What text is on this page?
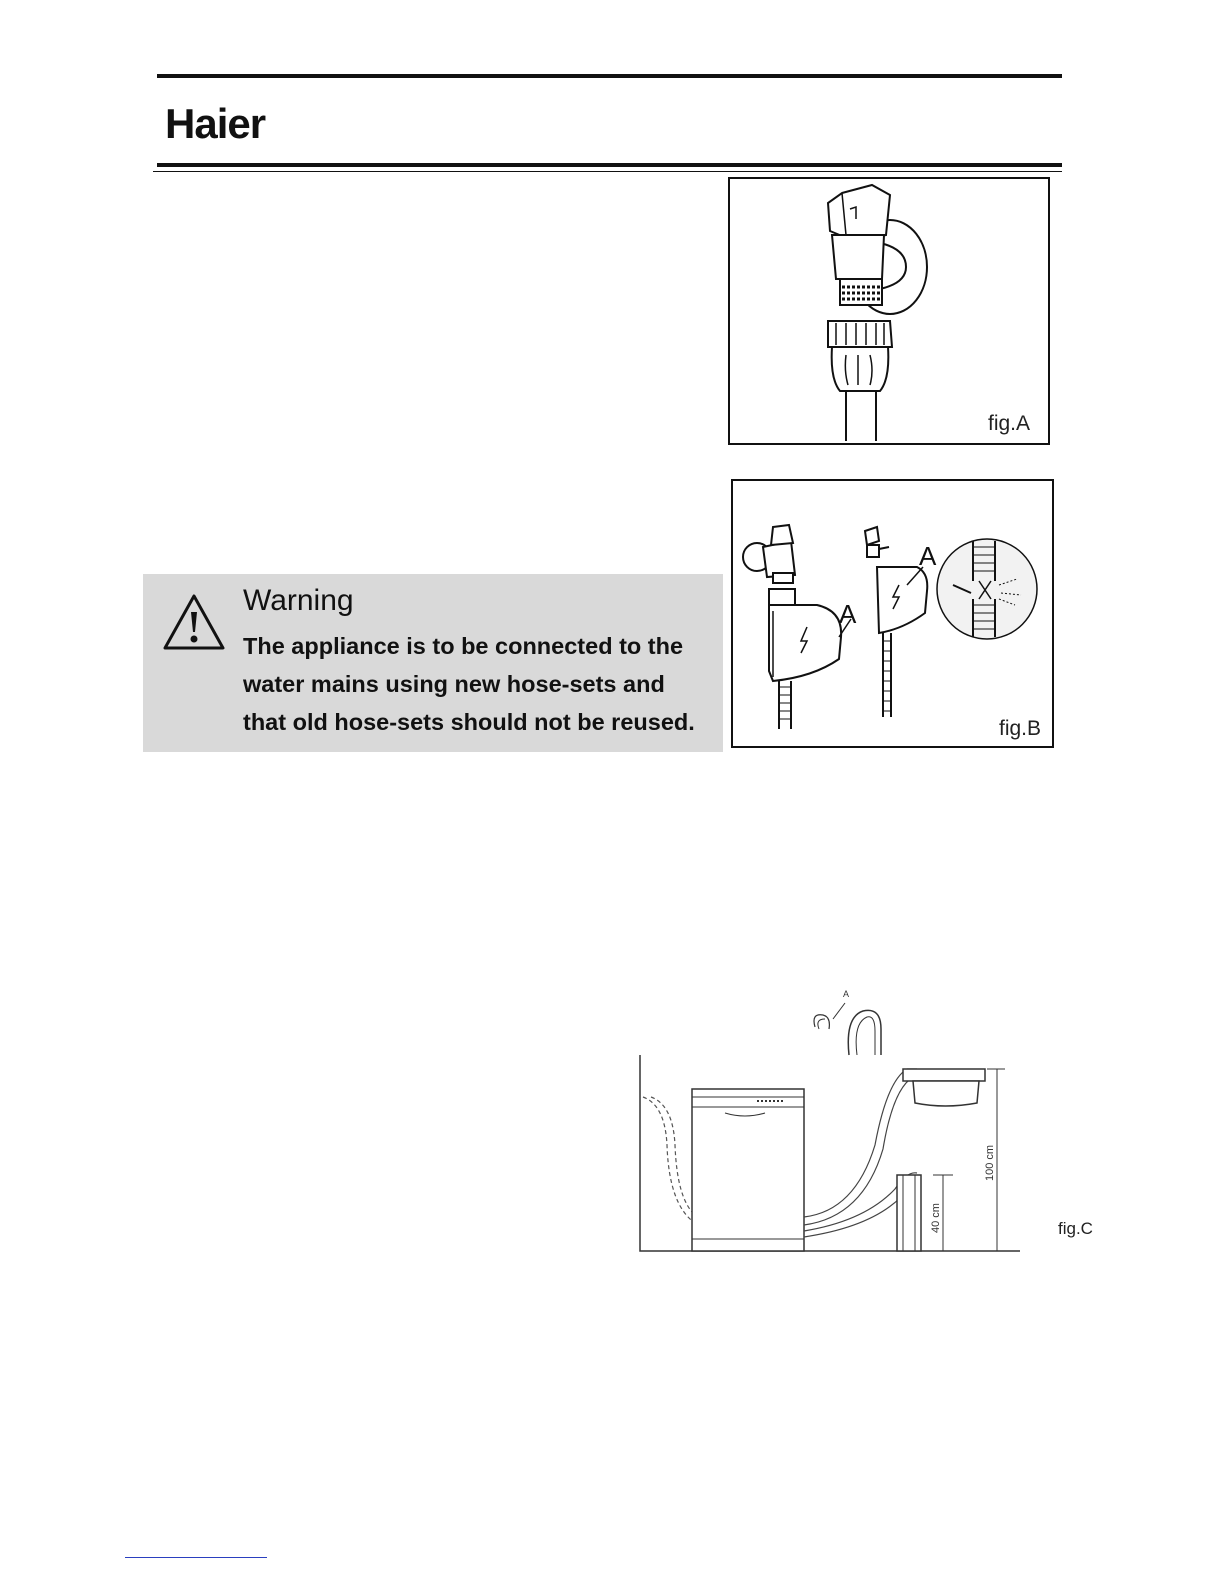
Haier
fig.A
A
A
fig.B
Warning

The appliance is to be connected to the
water mains using new hose-sets and
that old hose-sets should not be reused.

100 cm
40 cm
A
fig.C
